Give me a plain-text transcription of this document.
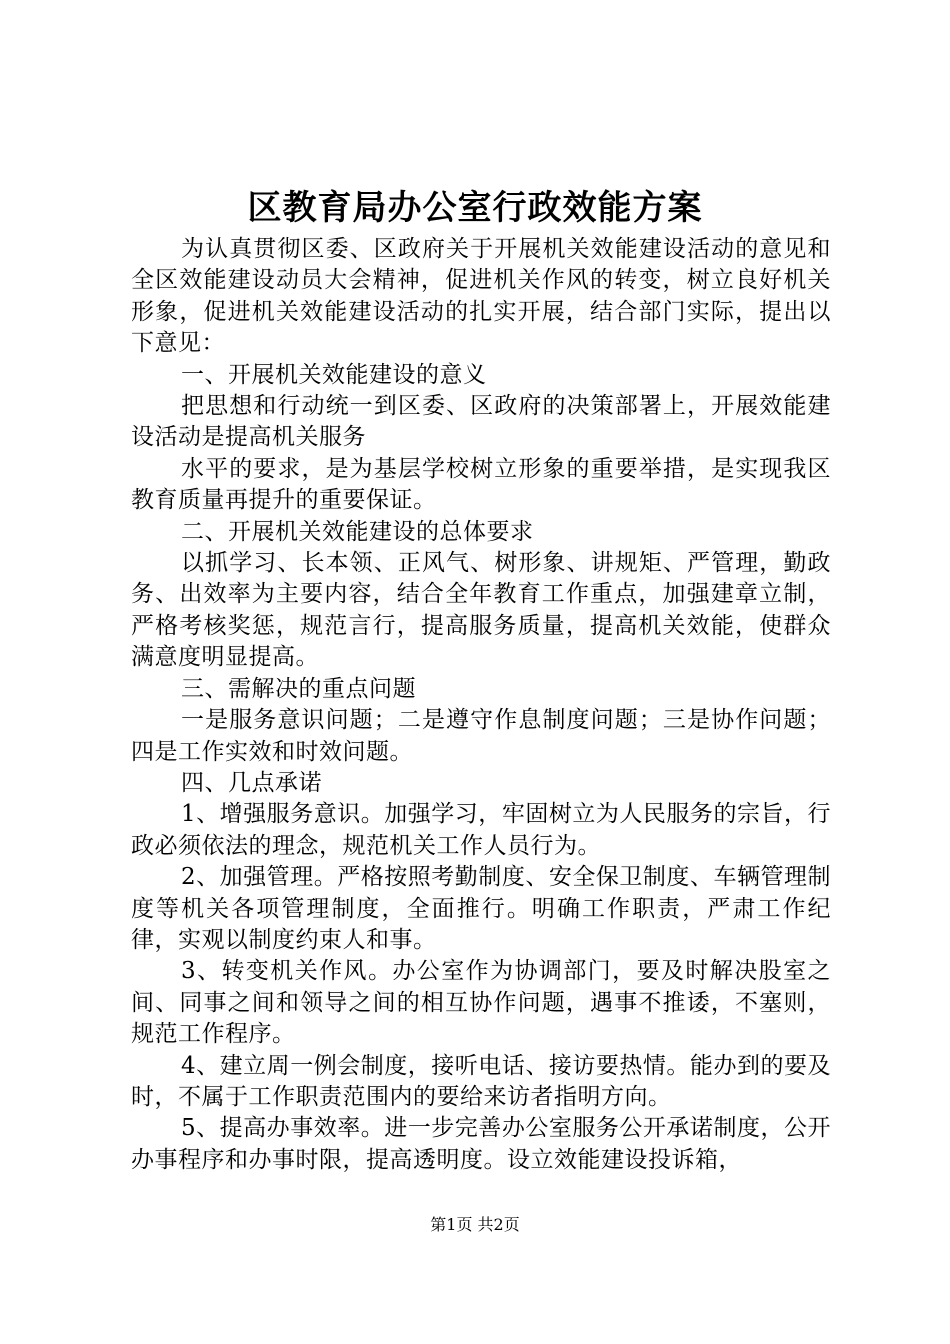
区教育局办公室行政效能方案

为认真贯彻区委、区政府关于开展机关效能建设活动的意见和全区效能建设动员大会精神，促进机关作风的转变，树立良好机关形象，促进机关效能建设活动的扎实开展，结合部门实际，提出以下意见：

一、开展机关效能建设的意义

把思想和行动统一到区委、区政府的决策部署上，开展效能建设活动是提高机关服务

水平的要求，是为基层学校树立形象的重要举措，是实现我区教育质量再提升的重要保证。

二、开展机关效能建设的总体要求

以抓学习、长本领、正风气、树形象、讲规矩、严管理，勤政务、出效率为主要内容，结合全年教育工作重点，加强建章立制，严格考核奖惩，规范言行，提高服务质量，提高机关效能，使群众满意度明显提高。

三、需解决的重点问题

一是服务意识问题；二是遵守作息制度问题；三是协作问题；四是工作实效和时效问题。

四、几点承诺

1、增强服务意识。加强学习，牢固树立为人民服务的宗旨，行政必须依法的理念，规范机关工作人员行为。

2、加强管理。严格按照考勤制度、安全保卫制度、车辆管理制度等机关各项管理制度，全面推行。明确工作职责，严肃工作纪律，实观以制度约束人和事。

3、转变机关作风。办公室作为协调部门，要及时解决股室之间、同事之间和领导之间的相互协作问题，遇事不推诿，不塞则，规范工作程序。

4、建立周一例会制度，接听电话、接访要热情。能办到的要及时，不属于工作职责范围内的要给来访者指明方向。

5、提高办事效率。进一步完善办公室服务公开承诺制度，公开办事程序和办事时限，提高透明度。设立效能建设投诉箱，

第1页 共2页
